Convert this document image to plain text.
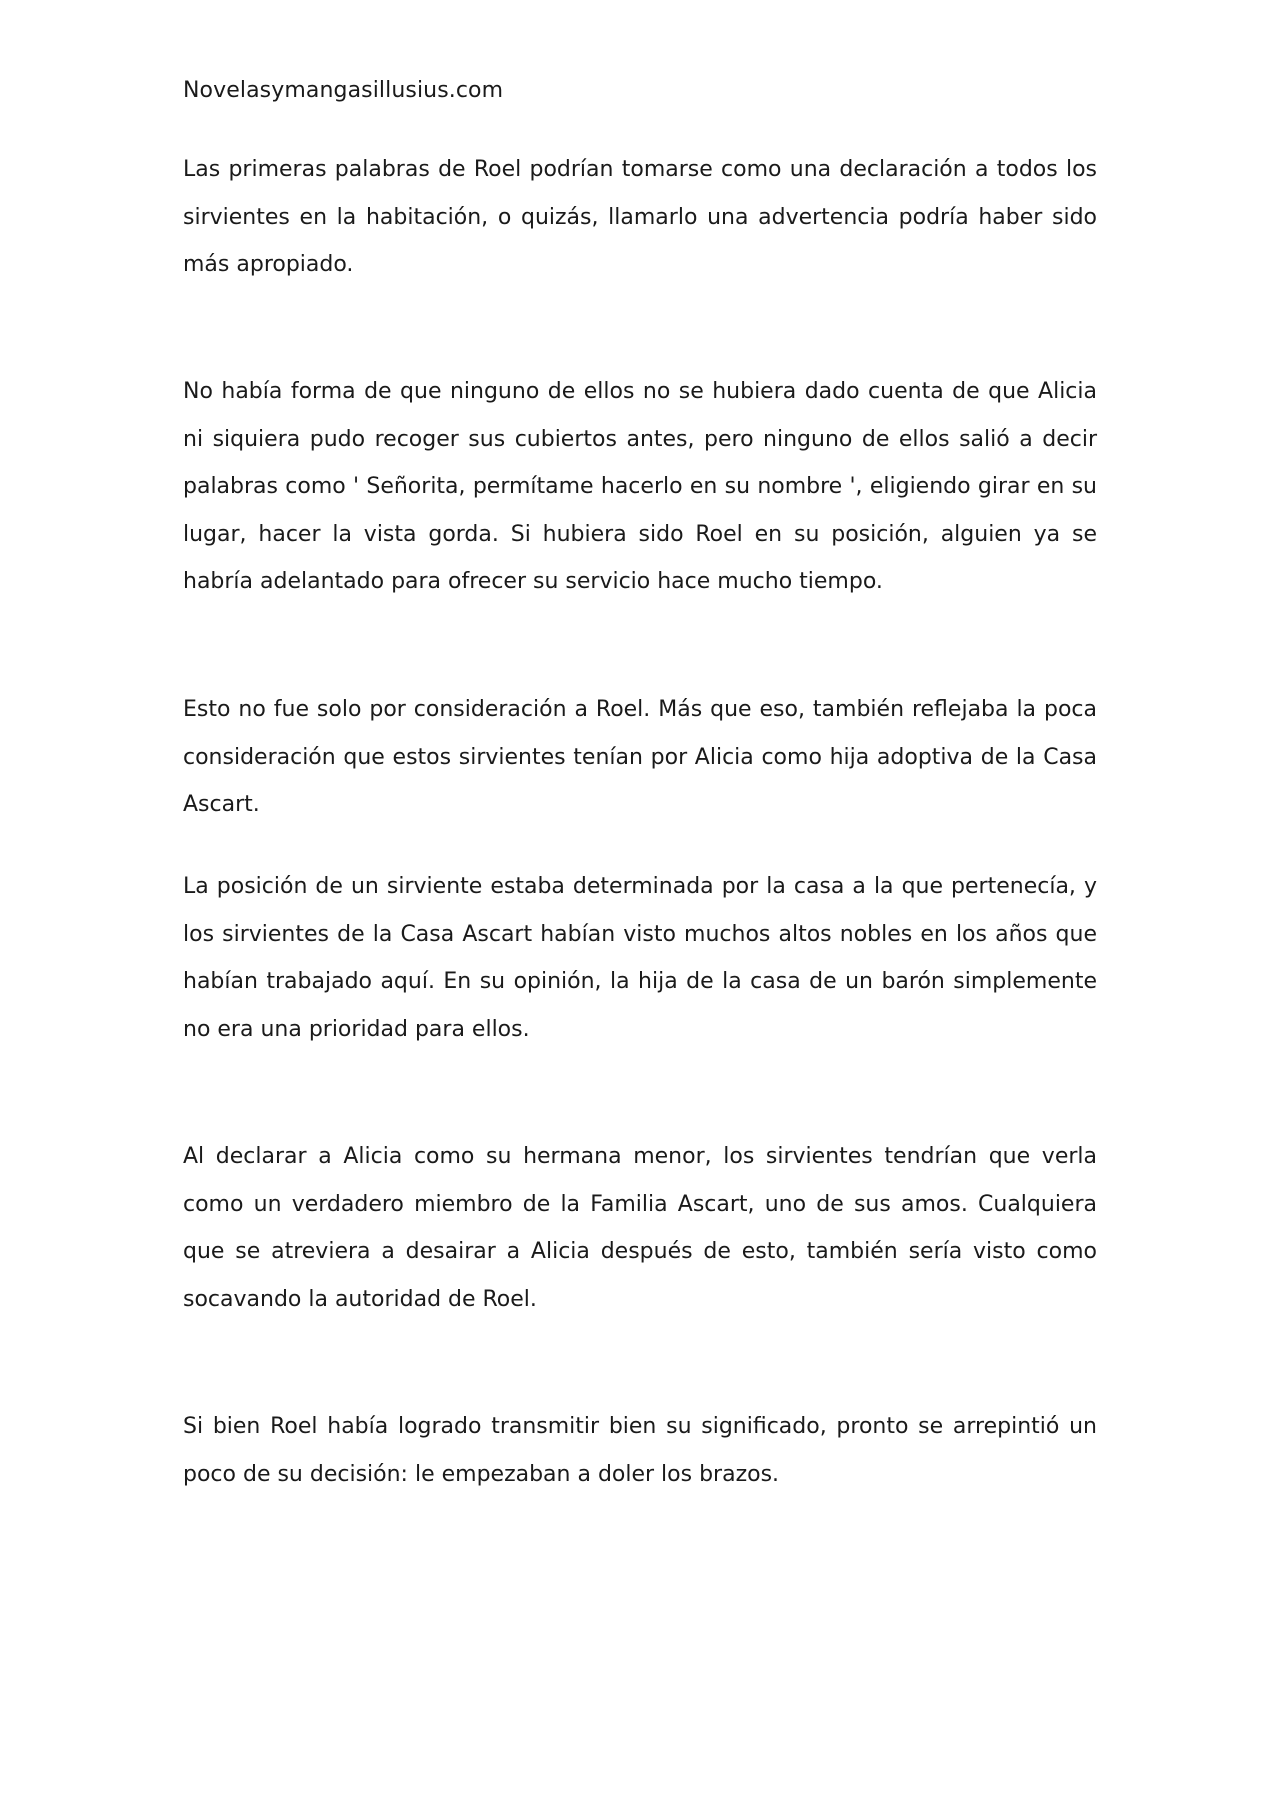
Novelasymangasillusius.com

Las primeras palabras de Roel podrían tomarse como una declaración a todos los sirvientes en la habitación, o quizás, llamarlo una advertencia podría haber sido más apropiado.

No había forma de que ninguno de ellos no se hubiera dado cuenta de que Alicia ni siquiera pudo recoger sus cubiertos antes, pero ninguno de ellos salió a decir palabras como ' Señorita, permítame hacerlo en su nombre ', eligiendo girar en su lugar, hacer la vista gorda. Si hubiera sido Roel en su posición, alguien ya se habría adelantado para ofrecer su servicio hace mucho tiempo.

Esto no fue solo por consideración a Roel. Más que eso, también reflejaba la poca consideración que estos sirvientes tenían por Alicia como hija adoptiva de la Casa Ascart.

La posición de un sirviente estaba determinada por la casa a la que pertenecía, y los sirvientes de la Casa Ascart habían visto muchos altos nobles en los años que habían trabajado aquí. En su opinión, la hija de la casa de un barón simplemente no era una prioridad para ellos.

Al declarar a Alicia como su hermana menor, los sirvientes tendrían que verla como un verdadero miembro de la Familia Ascart, uno de sus amos. Cualquiera que se atreviera a desairar a Alicia después de esto, también sería visto como socavando la autoridad de Roel.

Si bien Roel había logrado transmitir bien su significado, pronto se arrepintió un poco de su decisión: le empezaban a doler los brazos.
